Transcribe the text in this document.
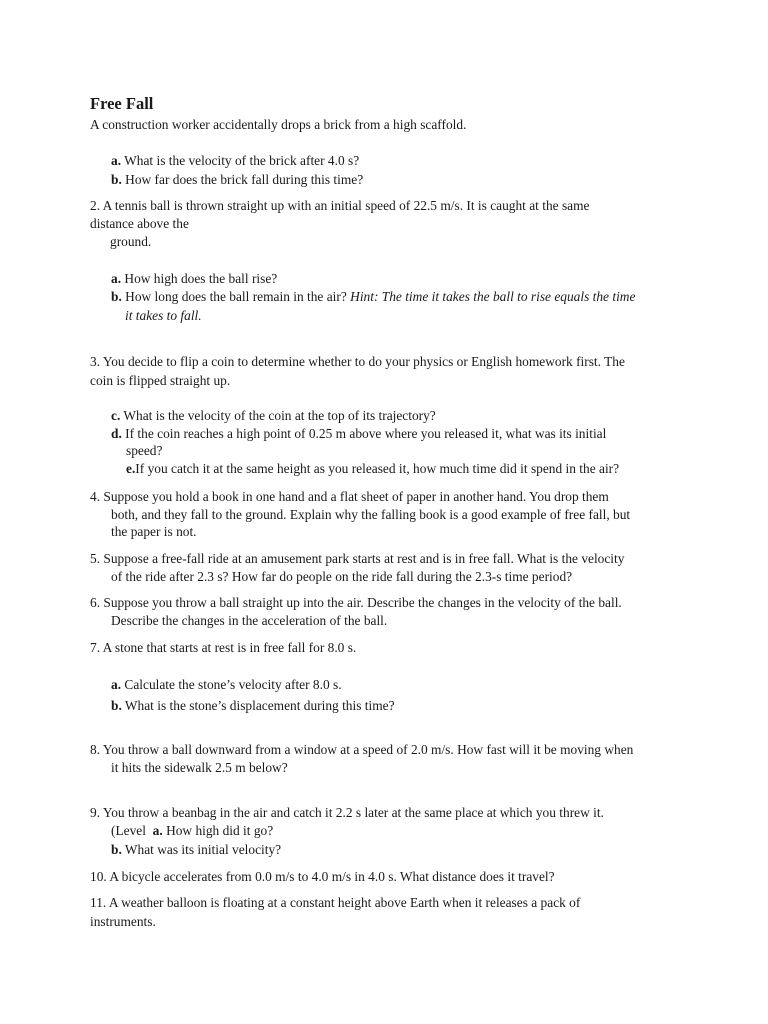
Free Fall
A construction worker accidentally drops a brick from a high scaffold.
a. What is the velocity of the brick after 4.0 s?
b. How far does the brick fall during this time?
2. A tennis ball is thrown straight up with an initial speed of 22.5 m/s. It is caught at the same
distance above the
ground.
a. How high does the ball rise?
b. How long does the ball remain in the air? Hint: The time it takes the ball to rise equals the time
it takes to fall.
3. You decide to flip a coin to determine whether to do your physics or English homework first. The
coin is flipped straight up.
c. What is the velocity of the coin at the top of its trajectory?
d. If the coin reaches a high point of 0.25 m above where you released it, what was its initial
speed?
e.If you catch it at the same height as you released it, how much time did it spend in the air?
4. Suppose you hold a book in one hand and a flat sheet of paper in another hand. You drop them
both, and they fall to the ground. Explain why the falling book is a good example of free fall, but
the paper is not.
5. Suppose a free-fall ride at an amusement park starts at rest and is in free fall. What is the velocity
of the ride after 2.3 s? How far do people on the ride fall during the 2.3-s time period?
6. Suppose you throw a ball straight up into the air. Describe the changes in the velocity of the ball.
Describe the changes in the acceleration of the ball.
7. A stone that starts at rest is in free fall for 8.0 s.
a. Calculate the stone’s velocity after 8.0 s.
b. What is the stone’s displacement during this time?
8. You throw a ball downward from a window at a speed of 2.0 m/s. How fast will it be moving when
it hits the sidewalk 2.5 m below?
9. You throw a beanbag in the air and catch it 2.2 s later at the same place at which you threw it.
(Level a. How high did it go?
b. What was its initial velocity?
10. A bicycle accelerates from 0.0 m/s to 4.0 m/s in 4.0 s. What distance does it travel?
11. A weather balloon is floating at a constant height above Earth when it releases a pack of
instruments.
